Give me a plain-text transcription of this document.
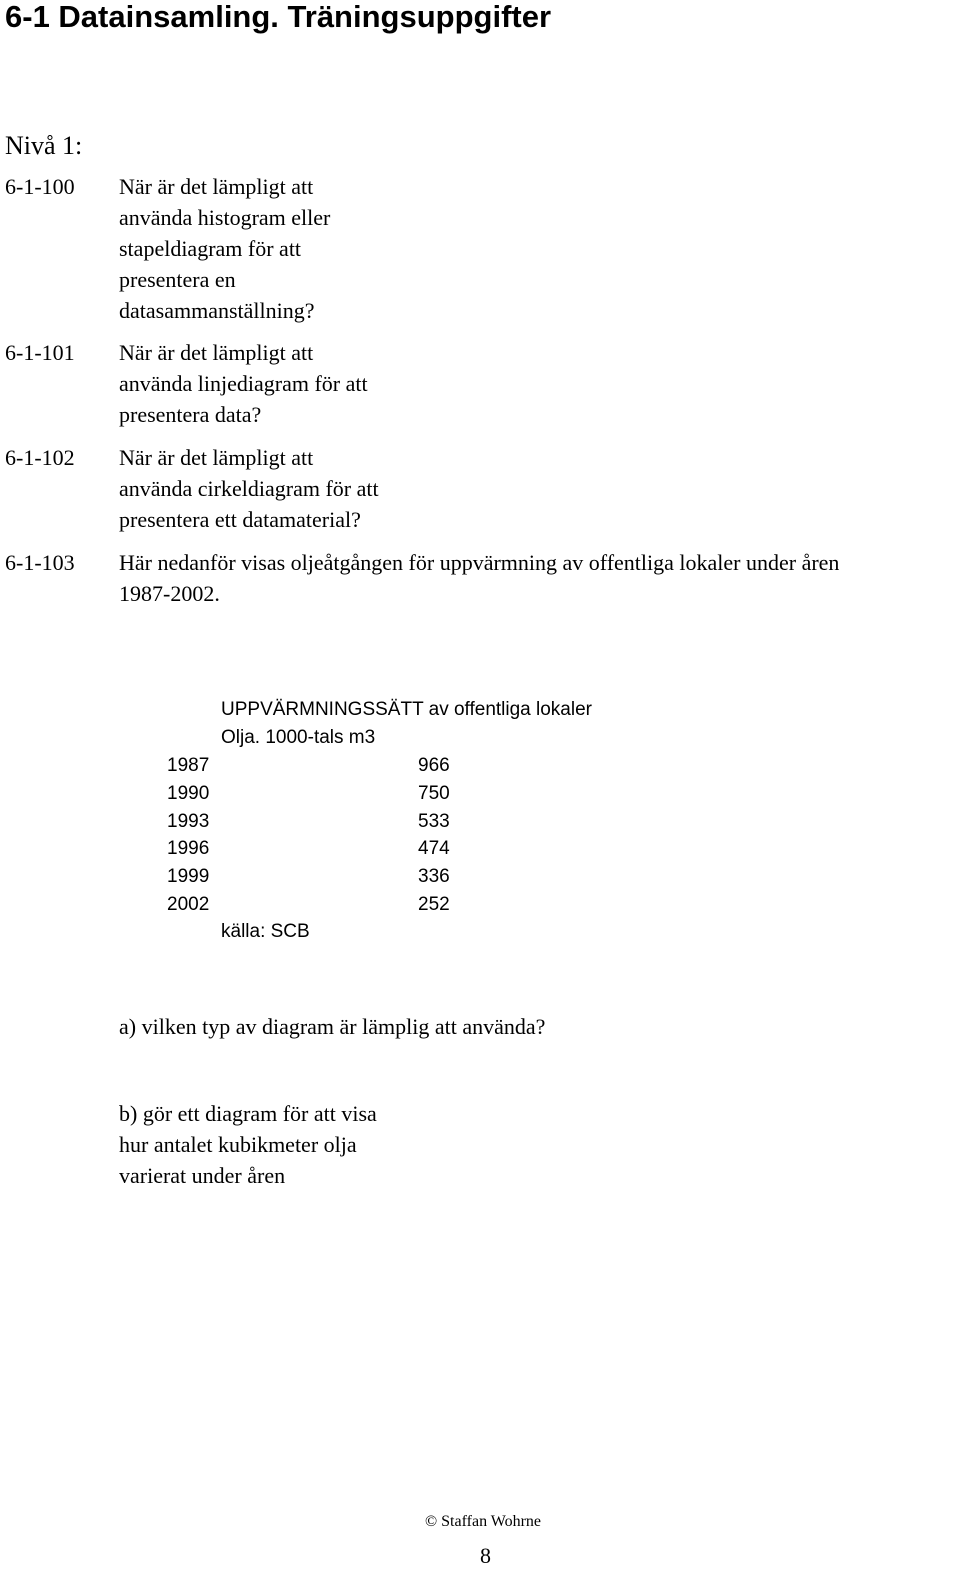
6-1 Datainsamling. Träningsuppgifter
Nivå 1:
6-1-100 När är det lämpligt att
använda histogram eller
stapeldiagram för att
presentera en
datasammanställning?
6-1-101 När är det lämpligt att
använda linjediagram för att
presentera data?
6-1-102 När är det lämpligt att
använda cirkeldiagram för att
presentera ett datamaterial?
6-1-103 Här nedanför visas oljeåtgången för uppvärmning av offentliga lokaler under åren
1987-2002.
UPPVÄRMNINGSSÄTT av offentliga lokaler
Olja. 1000-tals m3
1987	966
1990	750
1993	533
1996	474
1999	336
2002	252
källa: SCB
a) vilken typ av diagram är lämplig att använda?
b) gör ett diagram för att visa
hur antalet kubikmeter olja
varierat under åren
© Staffan Wohrne
8
